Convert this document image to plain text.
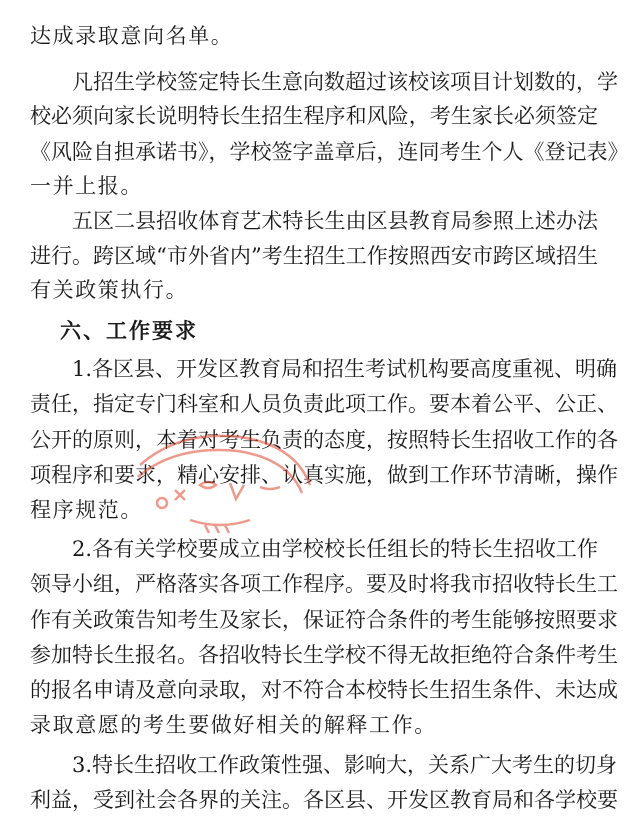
达成录取意向名单。
凡招生学校签定特长生意向数超过该校该项目计划数的，学
校必须向家长说明特长生招生程序和风险，考生家长必须签定
《风险自担承诺书》，学校签字盖章后，连同考生个人《登记表》
一并上报。
五区二县招收体育艺术特长生由区县教育局参照上述办法
进行。跨区域“市外省内”考生招生工作按照西安市跨区域招生
有关政策执行。
六、工作要求
1.各区县、开发区教育局和招生考试机构要高度重视、明确
责任，指定专门科室和人员负责此项工作。要本着公平、公正、
公开的原则，本着对考生负责的态度，按照特长生招收工作的各
项程序和要求，精心安排、认真实施，做到工作环节清晰，操作
程序规范。
2.各有关学校要成立由学校校长任组长的特长生招收工作
领导小组，严格落实各项工作程序。要及时将我市招收特长生工
作有关政策告知考生及家长，保证符合条件的考生能够按照要求
参加特长生报名。各招收特长生学校不得无故拒绝符合条件考生
的报名申请及意向录取，对不符合本校特长生招生条件、未达成
录取意愿的考生要做好相关的解释工作。
3.特长生招收工作政策性强、影响大，关系广大考生的切身
利益，受到社会各界的关注。各区县、开发区教育局和各学校要
